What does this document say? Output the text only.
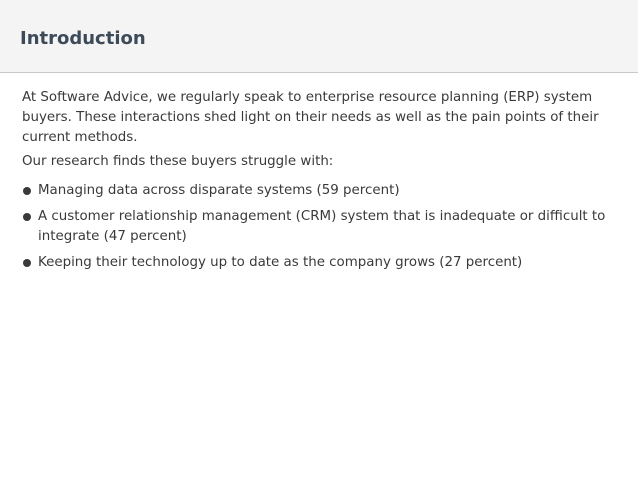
Introduction

At Software Advice, we regularly speak to enterprise resource planning (ERP) system buyers. These interactions shed light on their needs as well as the pain points of their current methods.

Our research finds these buyers struggle with:

Managing data across disparate systems (59 percent)
A customer relationship management (CRM) system that is inadequate or difficult to integrate (47 percent)
Keeping their technology up to date as the company grows (27 percent)
